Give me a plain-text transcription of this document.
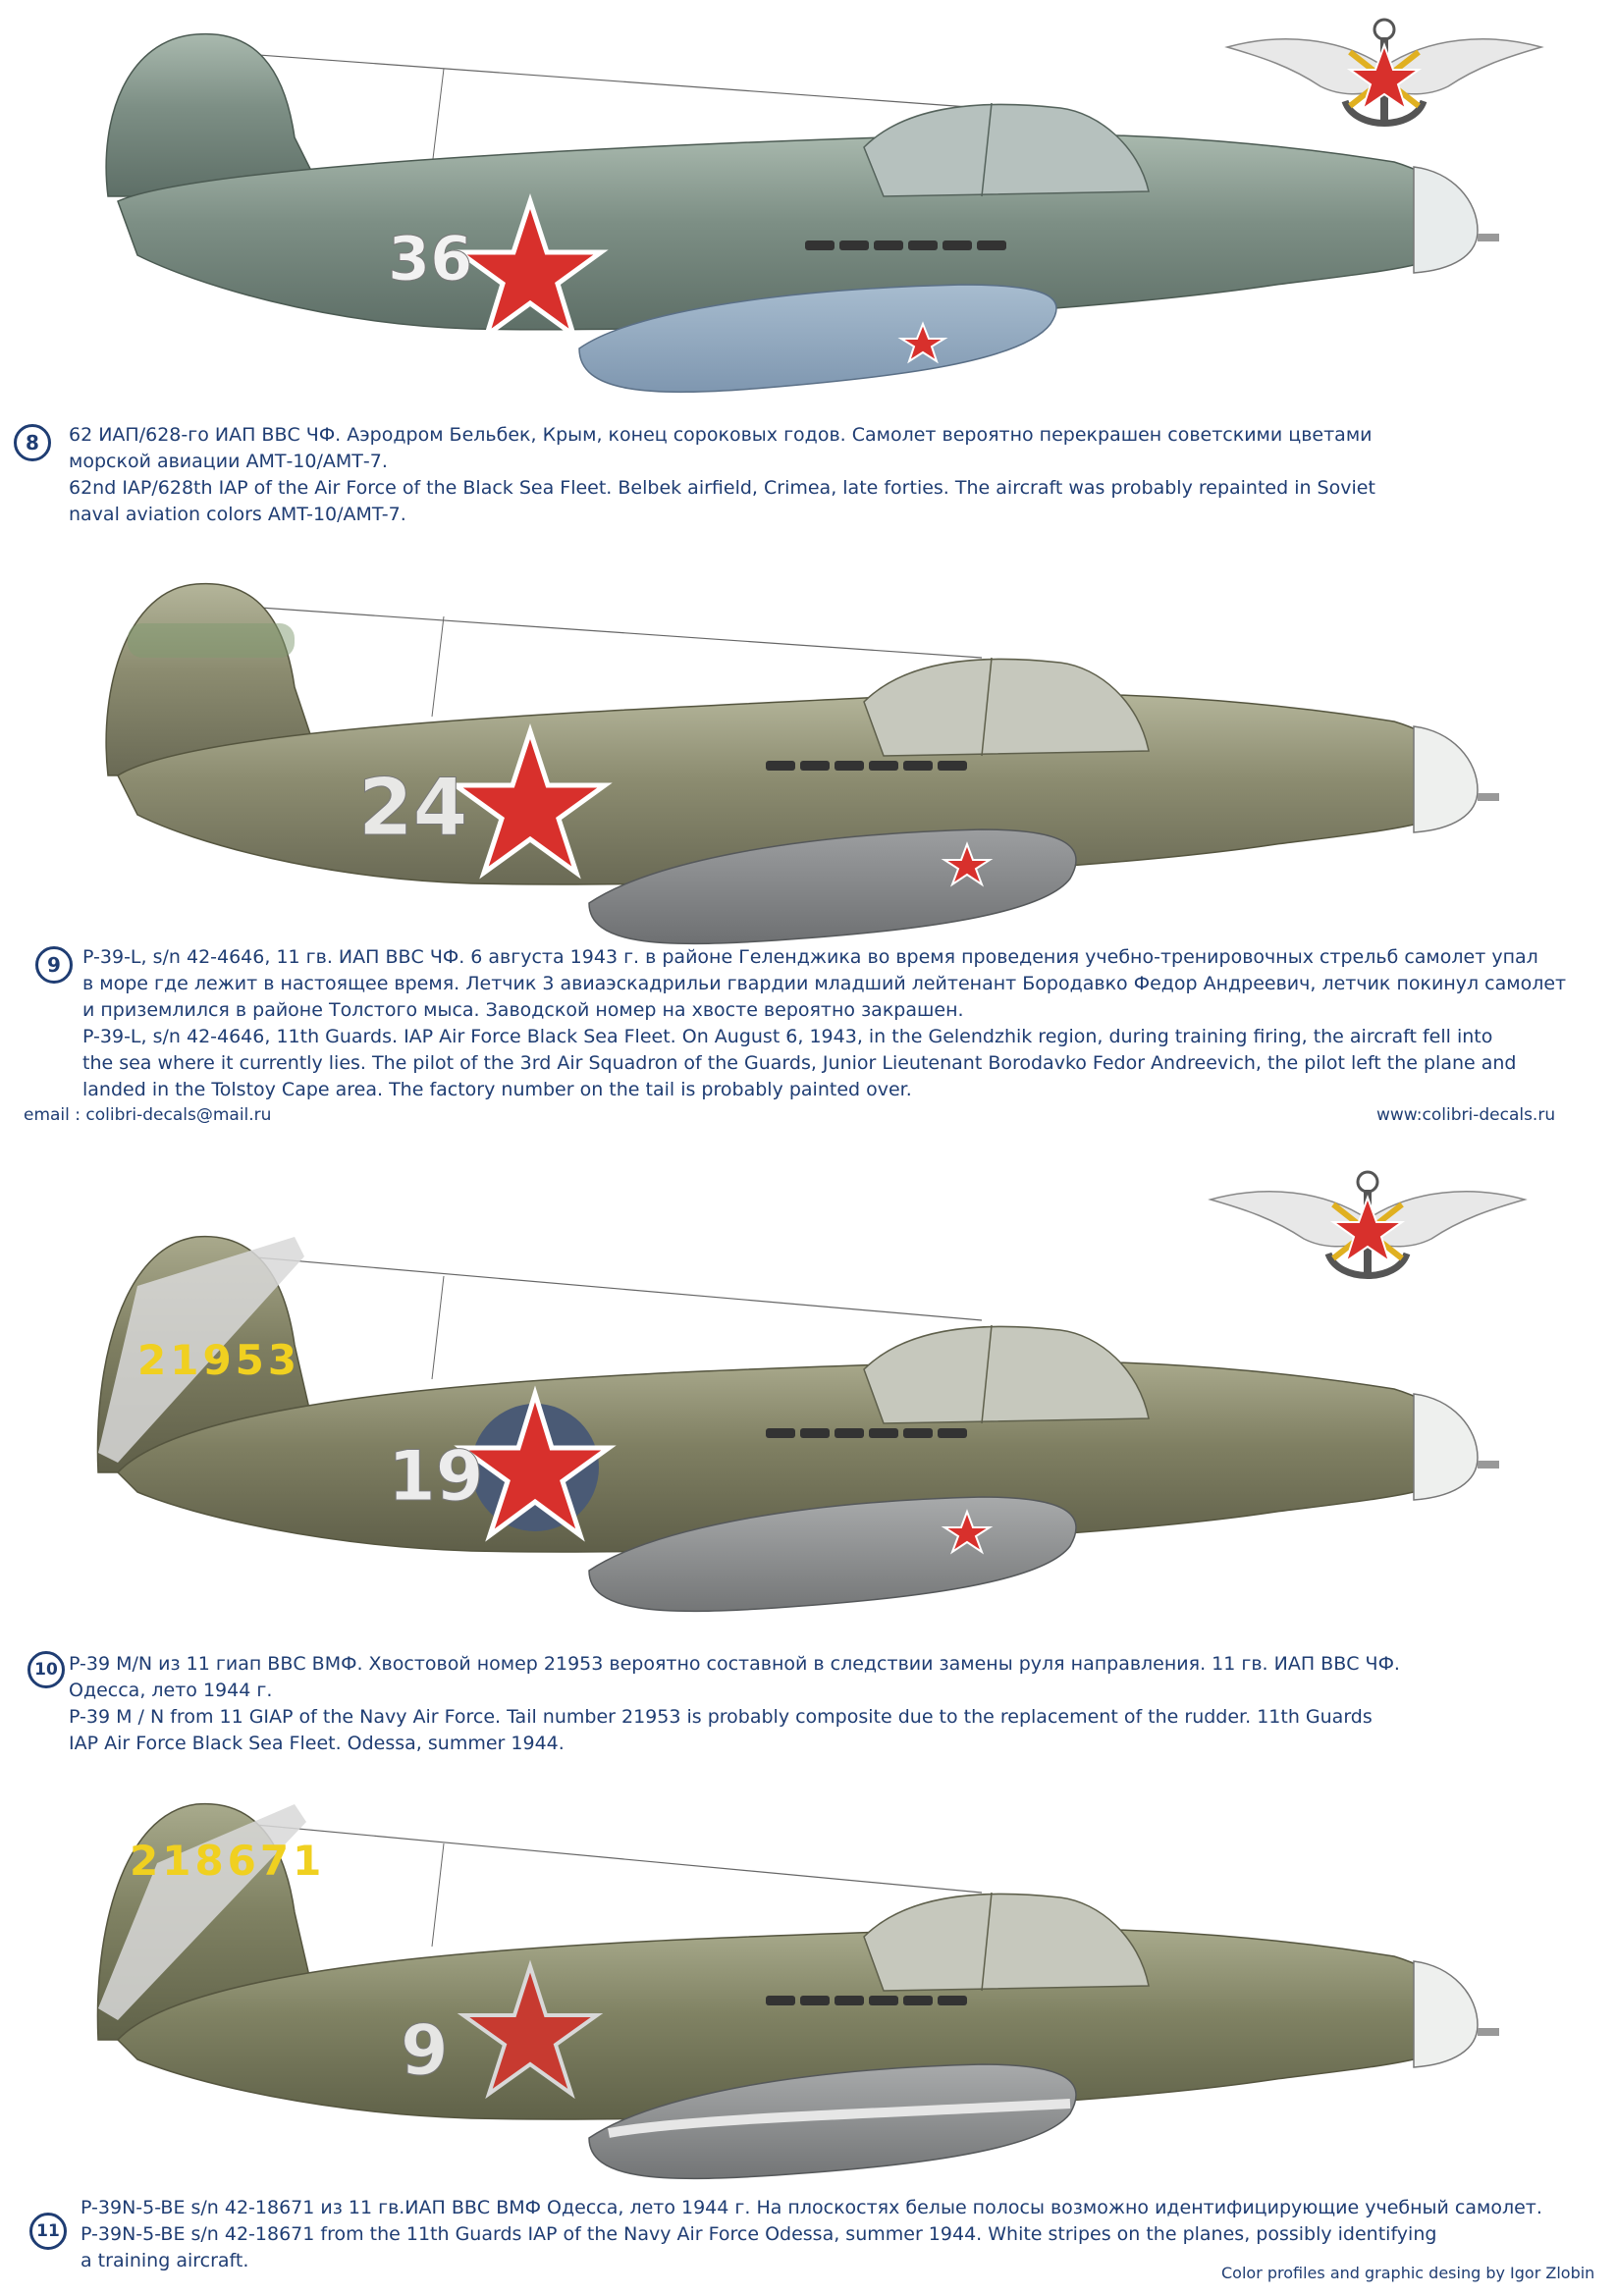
36
8	62 ИАП/628-го ИАП ВВС ЧФ. Аэродром Бельбек, Крым, конец сороковых годов. Самолет вероятно перекрашен советскими цветами

морской авиации АМТ-10/АМТ-7.

62nd IAP/628th IAP of the Air Force of the Black Sea Fleet. Belbek airfield, Crimea, late forties. The aircraft was probably repainted in Soviet

naval aviation colors AMT-10/AMT-7.

24
9	P-39-L, s/n 42-4646, 11 гв. ИАП ВВС ЧФ. 6 августа 1943 г. в районе Геленджика во время проведения учебно-тренировочных стрельб самолет упал

в море где лежит в настоящее время. Летчик 3 авиаэскадрильи гвардии младший лейтенант Бородавко Федор Андреевич, летчик покинул самолет

и приземлился в районе Толстого мыса. Заводской номер на хвосте вероятно закрашен.

P-39-L, s/n 42-4646, 11th Guards. IAP Air Force Black Sea Fleet. On August 6, 1943, in the Gelendzhik region, during training firing, the aircraft fell into

the sea where it currently lies. The pilot of the 3rd Air Squadron of the Guards, Junior Lieutenant Borodavko Fedor Andreevich, the pilot left the plane and

landed in the Tolstoy Cape area. The factory number on the tail is probably painted over.

email : colibri-decals@mail.ru	www:colibri-decals.ru
19
21953
10 P-39 M/N из 11 гиап ВВС ВМФ. Хвостовой номер 21953 вероятно составной в следствии замены руля направления. 11 гв. ИАП ВВС ЧФ.

Одесса, лето 1944 г.

P-39 M / N from 11 GIAP of the Navy Air Force. Tail number 21953 is probably composite due to the replacement of the rudder. 11th Guards

IAP Air Force Black Sea Fleet. Odessa, summer 1944.

9
218671
11

P-39N-5-BE s/n 42-18671 из 11 гв.ИАП ВВС ВМФ Одесса, лето 1944 г. На плоскостях белые полосы возможно идентифицирующие учебный самолет.

P-39N-5-BE s/n 42-18671 from the 11th Guards IAP of the Navy Air Force Odessa, summer 1944. White stripes on the planes, possibly identifying

a training aircraft.

Color profiles and graphic desing by Igor Zlobin
